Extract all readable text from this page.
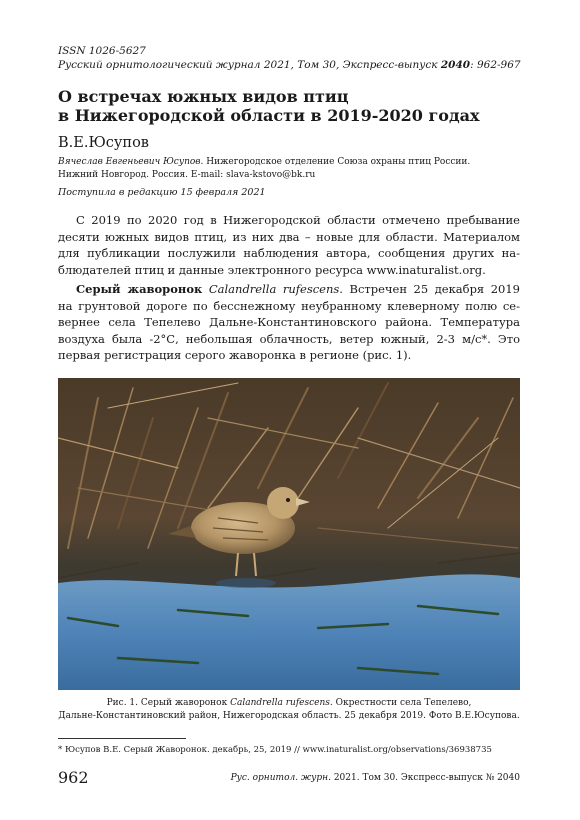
ISSN 1026-5627
Русский орнитологический журнал 2021, Том 30, Экспресс-выпуск 2040: 962-967
О встречах южных видов птиц
в Нижегородской области в 2019-2020 годах
В.Е.Юсупов
Вячеслав Евгеньевич Юсупов. Нижегородское отделение Союза охраны птиц России.
Нижний Новгород. Россия. E-mail: slava-kstovo@bk.ru
Поступила в редакцию 15 февраля 2021
С 2019 по 2020 год в Нижегородской области отмечено пребывание
десяти южных видов птиц, из них два – новые для области. Материалом
для публикации послужили наблюдения автора, сообщения других на-
блюдателей птиц и данные электронного ресурса www.inaturalist.org.
Серый жаворонок Calandrella rufescens. Встречен 25 декабря 2019
на грунтовой дороге по бесснежному неубранному клеверному полю се-
вернее села Тепелево Дальне-Константиновского района. Температура
воздуха была -2°С, небольшая облачность, ветер южный, 2-3 м/с*. Это
первая регистрация серого жаворонка в регионе (рис. 1).
Рис. 1. Серый жаворонок Calandrella rufescens. Окрестности села Тепелево,
Дальне-Константиновский район, Нижегородская область. 25 декабря 2019. Фото В.Е.Юсупова.
* Юсупов В.Е. Серый Жаворонок. декабрь, 25, 2019 // www.inaturalist.org/observations/36938735
962	Рус. орнитол. журн. 2021. Том 30. Экспресс-выпуск № 2040
